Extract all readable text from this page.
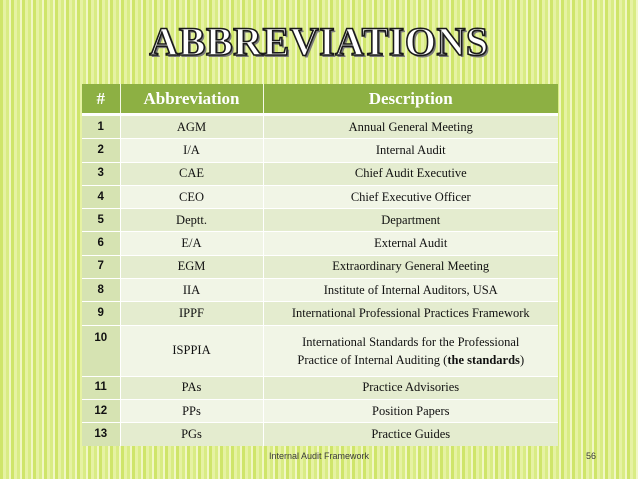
ABBREVIATIONS
#	Abbreviation	Description
1	AGM	Annual General Meeting
2	I/A	Internal Audit
3	CAE	Chief Audit Executive
4	CEO	Chief Executive Officer
5	Deptt.	Department
6	E/A	External Audit
7	EGM	Extraordinary General Meeting
8	IIA	Institute of Internal Auditors, USA
9	IPPF	International Professional Practices Framework
10	ISPPIA	International Standards for the Professional
Practice of Internal Auditing (the standards)
11	PAs	Practice Advisories
12	PPs	Position Papers
13	PGs	Practice Guides
Internal Audit Framework	56
